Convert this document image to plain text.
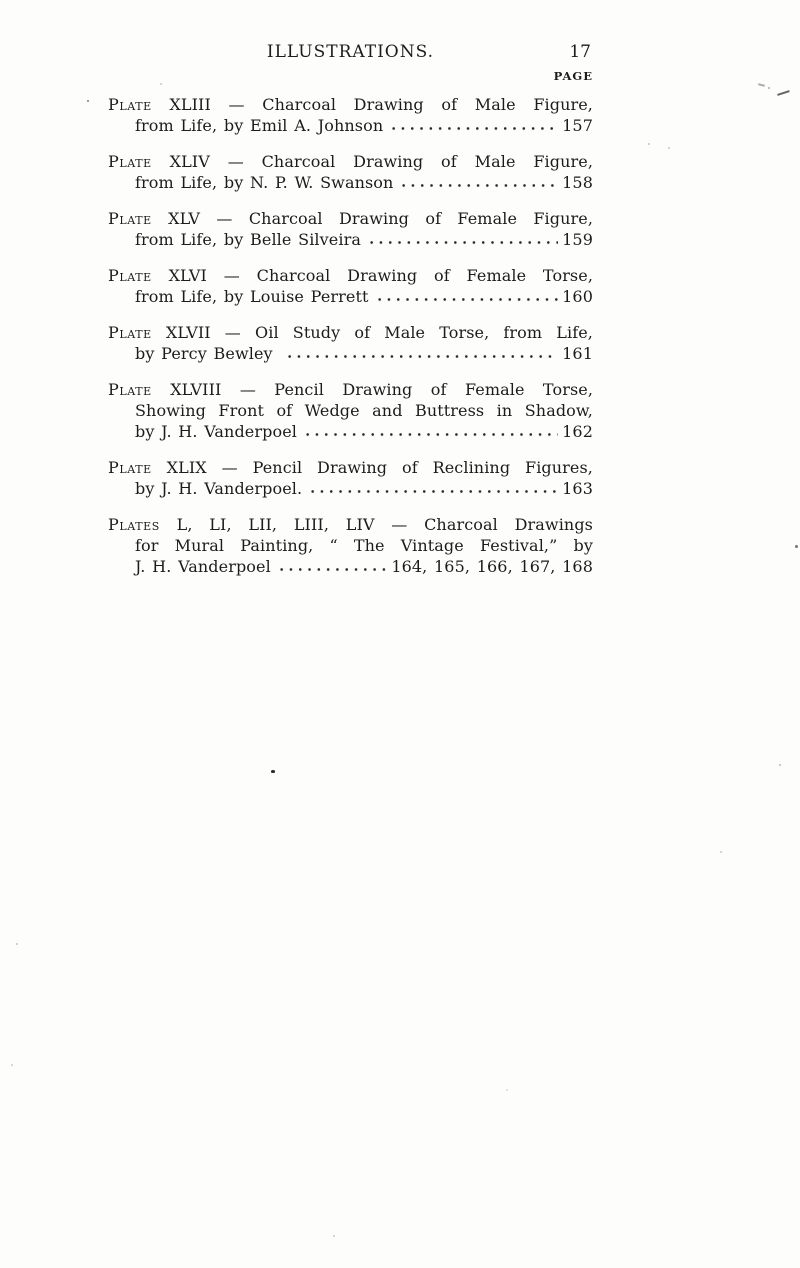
ILLUSTRATIONS.	17
PAGE
Plate XLIII — Charcoal Drawing of Male Figure,
from Life, by Emil A. Johnson	157
Plate XLIV — Charcoal Drawing of Male Figure,
from Life, by N. P. W. Swanson	158
Plate XLV — Charcoal Drawing of Female Figure,
from Life, by Belle Silveira	159
Plate XLVI — Charcoal Drawing of Female Torse,
from Life, by Louise Perrett	160
Plate XLVII — Oil Study of Male Torse, from Life,
by Percy Bewley	161
Plate XLVIII — Pencil Drawing of Female Torse,
Showing Front of Wedge and Buttress in Shadow,
by J. H. Vanderpoel	162
Plate XLIX — Pencil Drawing of Reclining Figures,
by J. H. Vanderpoel.	163
Plates L, LI, LII, LIII, LIV — Charcoal Drawings
for Mural Painting, “ The Vintage Festival,” by
J. H. Vanderpoel	164, 165, 166, 167, 168
